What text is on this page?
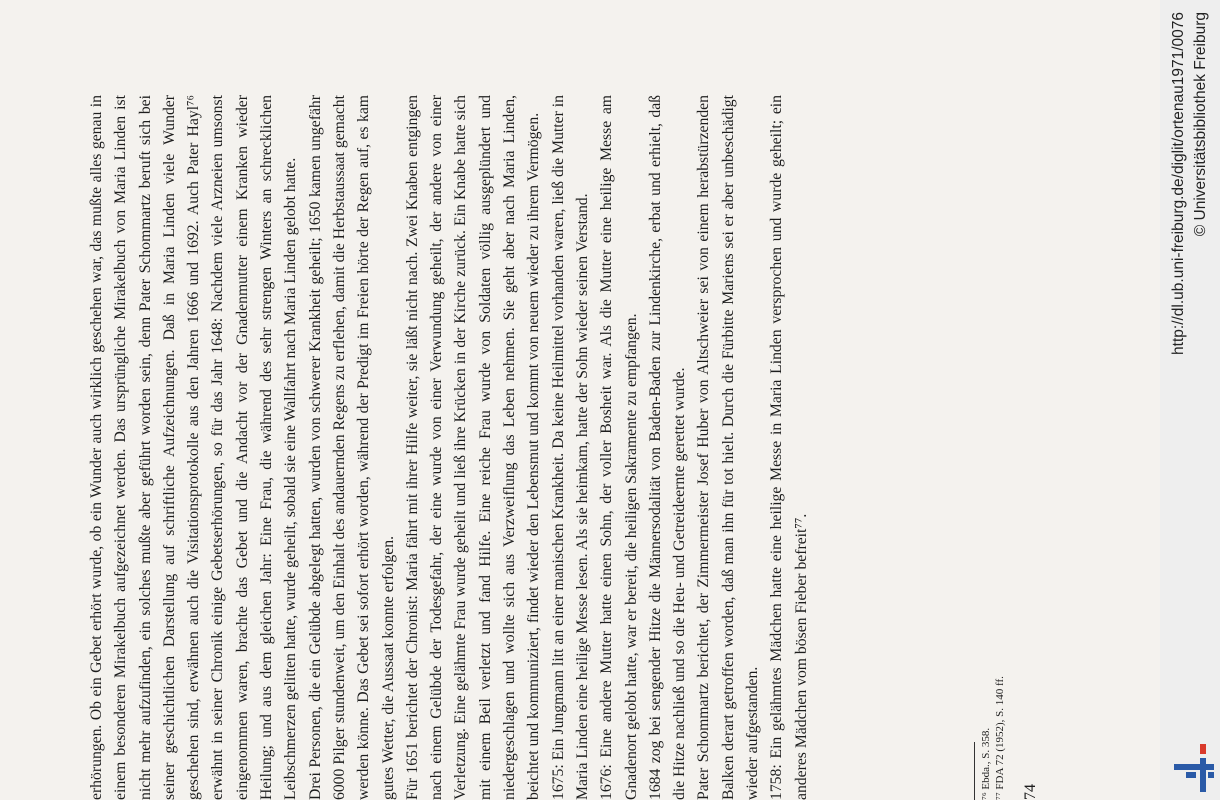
erhörungen. Ob ein Gebet erhört wurde, ob ein Wunder auch wirklich geschehen war, das mußte alles genau in einem besonderen Mirakelbuch aufgezeichnet werden. Das ursprüngliche Mirakelbuch von Maria Linden ist nicht mehr aufzufinden, ein solches mußte aber geführt worden sein, denn Pater Schommartz beruft sich bei seiner geschichtlichen Darstellung auf schriftliche Aufzeichnungen. Daß in Maria Linden viele Wunder geschehen sind, erwähnen auch die Visitationsprotokolle aus den Jahren 1666 und 1692. Auch Pater Hayl⁷⁶ erwähnt in seiner Chronik einige Gebetserhörungen, so für das Jahr 1648: Nachdem viele Arzneien umsonst eingenommen waren, brachte das Gebet und die Andacht vor der Gnadenmutter einem Kranken wieder Heilung; und aus dem gleichen Jahr: Eine Frau, die während des sehr strengen Winters an schrecklichen Leibschmerzen gelitten hatte, wurde geheilt, sobald sie eine Wallfahrt nach Maria Linden gelobt hatte. Drei Personen, die ein Gelübde abgelegt hatten, wurden von schwerer Krankheit geheilt; 1650 kamen ungefähr 6000 Pilger stundenweit, um den Einhalt des andauernden Regens zu erflehen, damit die Herbstaussaat gemacht werden könne. Das Gebet sei sofort erhört worden, während der Predigt im Freien hörte der Regen auf, es kam gutes Wetter, die Aussaat konnte erfolgen. Für 1651 berichtet der Chronist: Maria fährt mit ihrer Hilfe weiter, sie läßt nicht nach. Zwei Knaben entgingen nach einem Gelübde der Todesgefahr, der eine wurde von einer Verwundung geheilt, der andere von einer Verletzung. Eine gelähmte Frau wurde geheilt und ließ ihre Krücken in der Kirche zurück. Ein Knabe hatte sich mit einem Beil verletzt und fand Hilfe. Eine reiche Frau wurde von Soldaten völlig ausgeplündert und niedergeschlagen und wollte sich aus Verzweiflung das Leben nehmen. Sie geht aber nach Maria Linden, beichtet und kommuniziert, findet wieder den Lebensmut und kommt von neuem wieder zu ihrem Vermögen. 1675: Ein Jungmann litt an einer manischen Krankheit. Da keine Heilmittel vorhanden waren, ließ die Mutter in Maria Linden eine heilige Messe lesen. Als sie heimkam, hatte der Sohn wieder seinen Verstand. 1676: Eine andere Mutter hatte einen Sohn, der voller Bosheit war. Als die Mutter eine heilige Messe am Gnadenort gelobt hatte, war er bereit, die heiligen Sakramente zu empfangen. 1684 zog bei sengender Hitze die Männersodalität von Baden-Baden zur Lindenkirche, erbat und erhielt, daß die Hitze nachließ und so die Heu- und Getreideernte gerettet wurde. Pater Schommartz berichtet, der Zimmermeister Josef Huber von Altschweier sei von einem herabstürzenden Balken derart getroffen worden, daß man ihn für tot hielt. Durch die Fürbitte Mariens sei er aber unbeschädigt wieder aufgestanden. 1758: Ein gelähmtes Mädchen hatte eine heilige Messe in Maria Linden versprochen und wurde geheilt; ein anderes Mädchen vom bösen Fieber befreit⁷⁷.	⁷⁶ Ebda., S. 358. ⁷⁷ FDA 72 (1952), S. 140 ff. 74
http://dl.ub.uni-freiburg.de/diglit/ortenau1971/0076 © Universitätsbibliothek Freiburg
